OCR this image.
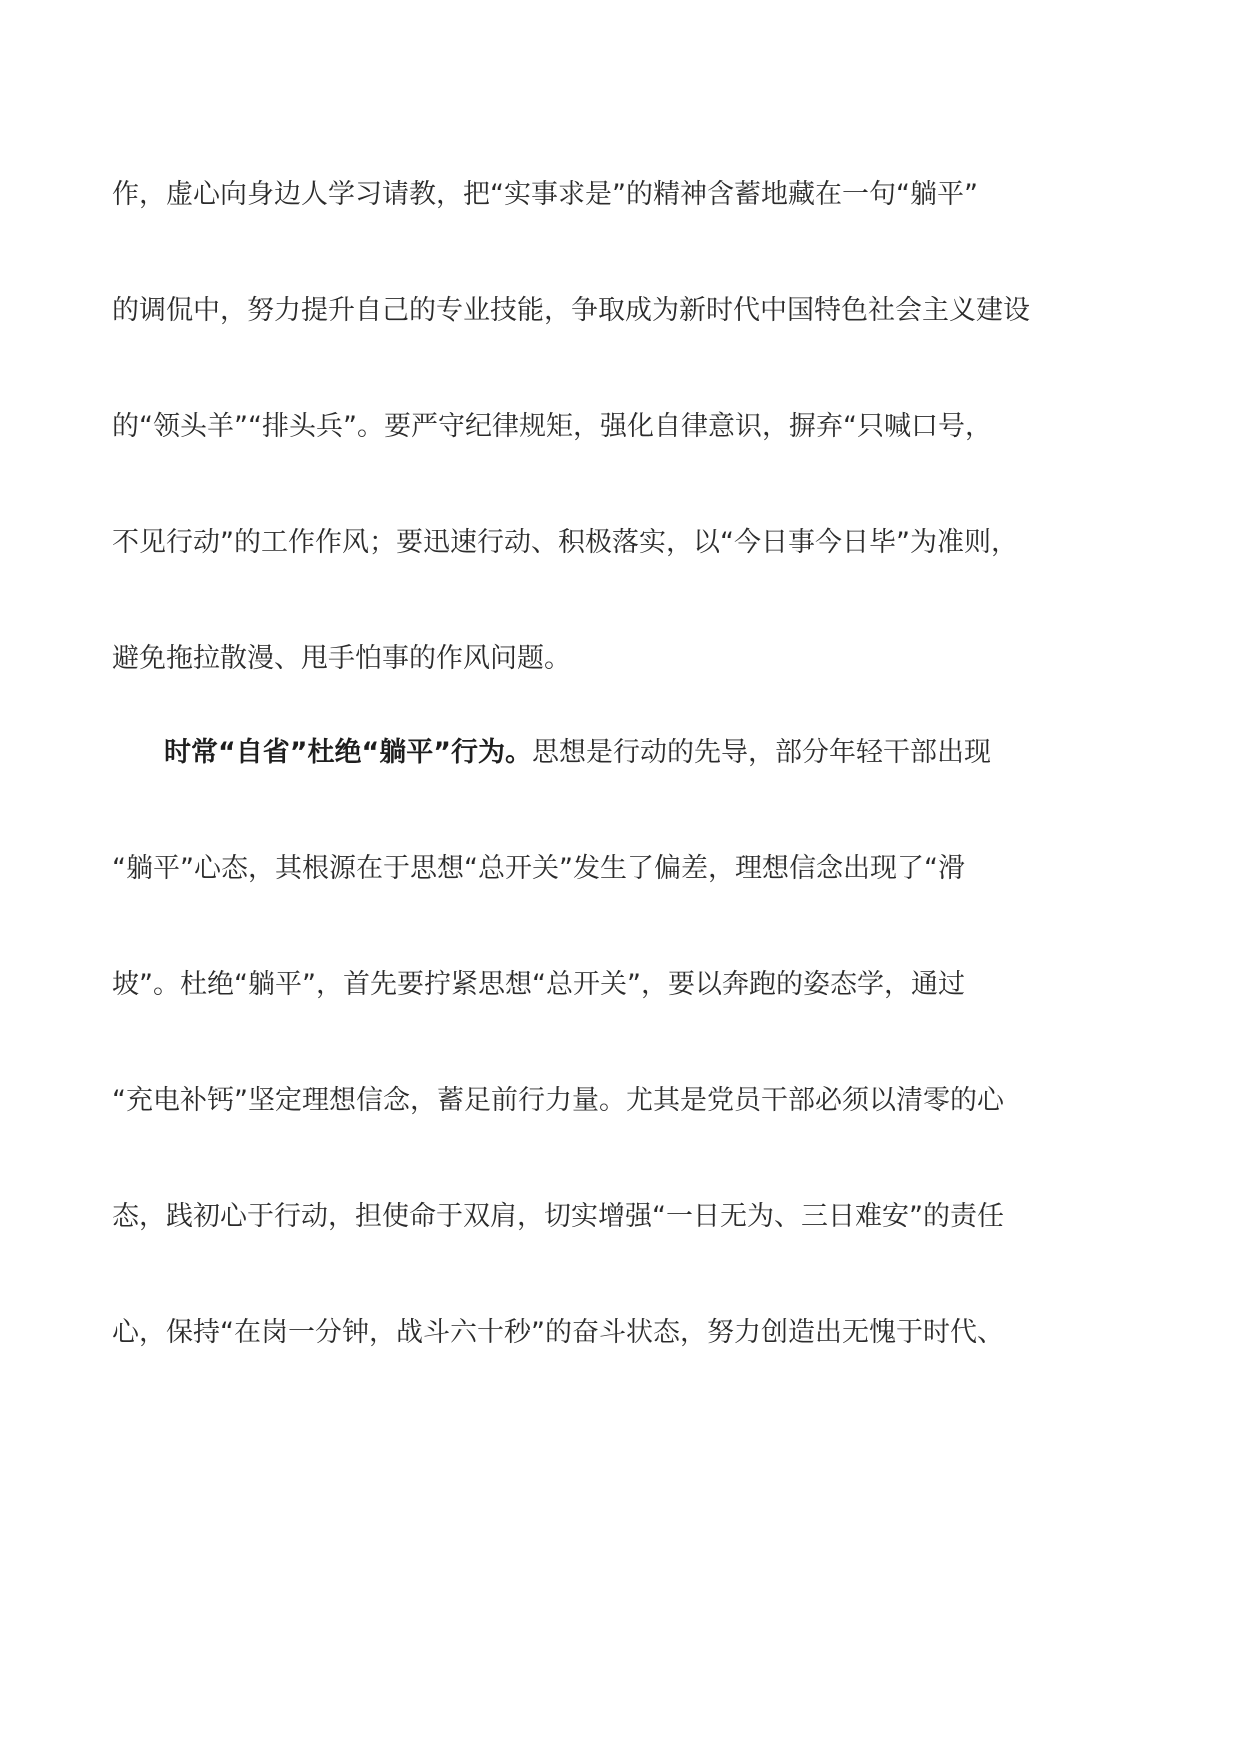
作，虚心向身边人学习请教，把“实事求是”的精神含蓄地藏在一句“躺平”
的调侃中，努力提升自己的专业技能，争取成为新时代中国特色社会主义建设
的“领头羊”“排头兵”。要严守纪律规矩，强化自律意识，摒弃“只喊口号，
不见行动”的工作作风；要迅速行动、积极落实，以“今日事今日毕”为准则，
避免拖拉散漫、甩手怕事的作风问题。
时常“自省”杜绝“躺平”行为。思想是行动的先导，部分年轻干部出现
“躺平”心态，其根源在于思想“总开关”发生了偏差，理想信念出现了“滑
坡”。杜绝“躺平”，首先要拧紧思想“总开关”，要以奔跑的姿态学，通过
“充电补钙”坚定理想信念，蓄足前行力量。尤其是党员干部必须以清零的心
态，践初心于行动，担使命于双肩，切实增强“一日无为、三日难安”的责任
心，保持“在岗一分钟，战斗六十秒”的奋斗状态，努力创造出无愧于时代、
